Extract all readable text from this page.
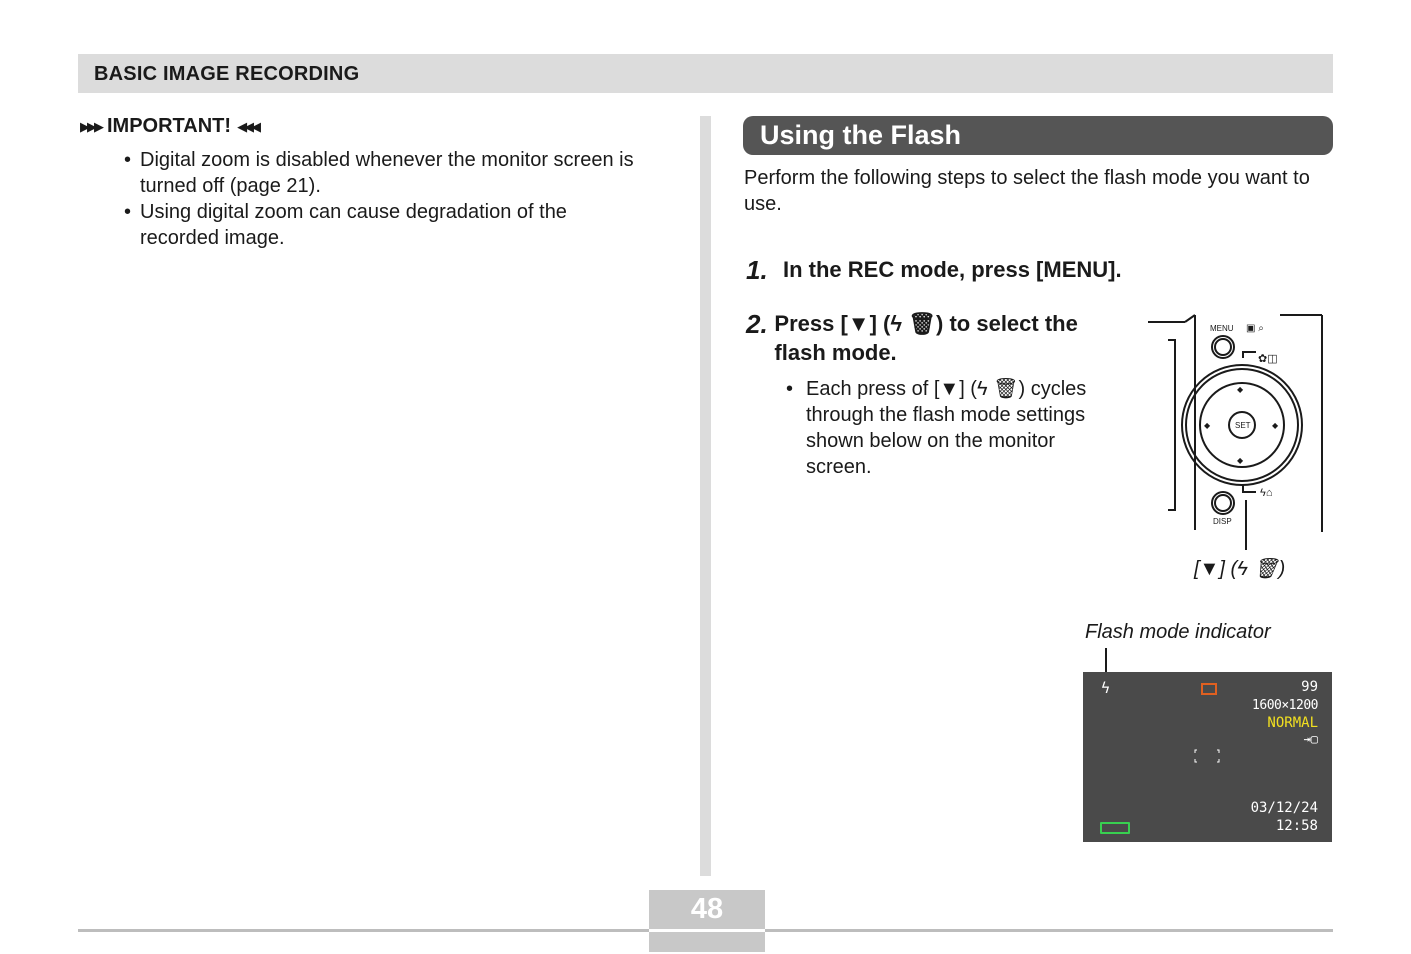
BASIC IMAGE RECORDING
▶▶▶ IMPORTANT! ◀◀◀
• Digital zoom is disabled whenever the monitor screen is turned off (page 21).
• Using digital zoom can cause degradation of the recorded image.
Using the Flash
Perform the following steps to select the flash mode you want to use.
1. In the REC mode, press [MENU].
2. Press [▼] (ϟ 🗑) to select the flash mode.
• Each press of [▼] (ϟ 🗑) cycles through the flash mode settings shown below on the monitor screen.
MENU
SET
DISP
✿◫
ϟ⌂
▣ ⌕
◆
◆
◆	◆
[▼] (ϟ 🗑)
Flash mode indicator
ϟ	99
1600×1200
NORMAL
⇥▢
03/12/24
12:58
48
